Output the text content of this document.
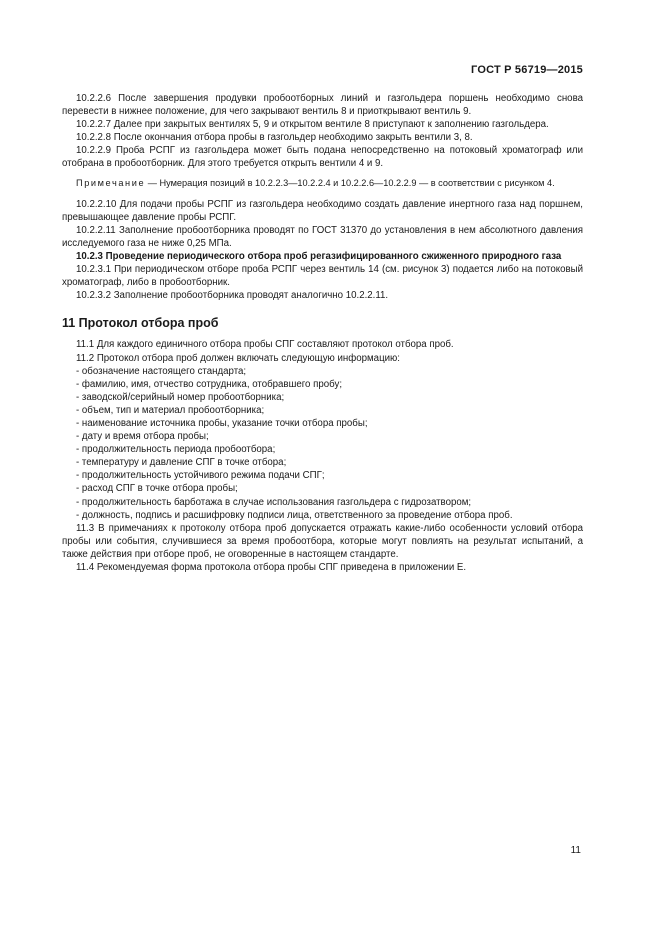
ГОСТ Р 56719—2015

10.2.2.6 После завершения продувки пробоотборных линий и газгольдера поршень необходимо снова перевести в нижнее положение, для чего закрывают вентиль 8 и приоткрывают вентиль 9.

10.2.2.7 Далее при закрытых вентилях 5, 9 и открытом вентиле 8 приступают к заполнению газгольдера.

10.2.2.8 После окончания отбора пробы в газгольдер необходимо закрыть вентили 3, 8.

10.2.2.9 Проба РСПГ из газгольдера может быть подана непосредственно на потоковый хроматограф или отобрана в пробоотборник. Для этого требуется открыть вентили 4 и 9.

Примечание — Нумерация позиций в 10.2.2.3—10.2.2.4 и 10.2.2.6—10.2.2.9 — в соответствии с рисунком 4.

10.2.2.10 Для подачи пробы РСПГ из газгольдера необходимо создать давление инертного газа над поршнем, превышающее давление пробы РСПГ.

10.2.2.11 Заполнение пробоотборника проводят по ГОСТ 31370 до установления в нем абсолютного давления исследуемого газа не ниже 0,25 МПа.

10.2.3 Проведение периодического отбора проб регазифицированного сжиженного природного газа

10.2.3.1 При периодическом отборе проба РСПГ через вентиль 14 (см. рисунок 3) подается либо на потоковый хроматограф, либо в пробоотборник.

10.2.3.2 Заполнение пробоотборника проводят аналогично 10.2.2.11.

11 Протокол отбора проб

11.1 Для каждого единичного отбора пробы СПГ составляют протокол отбора проб.

11.2 Протокол отбора проб должен включать следующую информацию:

- обозначение настоящего стандарта;

- фамилию, имя, отчество сотрудника, отобравшего пробу;

- заводской/серийный номер пробоотборника;

- объем, тип и материал пробоотборника;

- наименование источника пробы, указание точки отбора пробы;

- дату и время отбора пробы;

- продолжительность периода пробоотбора;

- температуру и давление СПГ в точке отбора;

- продолжительность устойчивого режима подачи СПГ;

- расход СПГ в точке отбора пробы;

- продолжительность барботажа в случае использования газгольдера с гидрозатвором;

- должность, подпись и расшифровку подписи лица, ответственного за проведение отбора проб.

11.3 В примечаниях к протоколу отбора проб допускается отражать какие-либо особенности условий отбора пробы или события, случившиеся за время пробоотбора, которые могут повлиять на результат испытаний, а также действия при отборе проб, не оговоренные в настоящем стандарте.

11.4 Рекомендуемая форма протокола отбора пробы СПГ приведена в приложении Е.

11
